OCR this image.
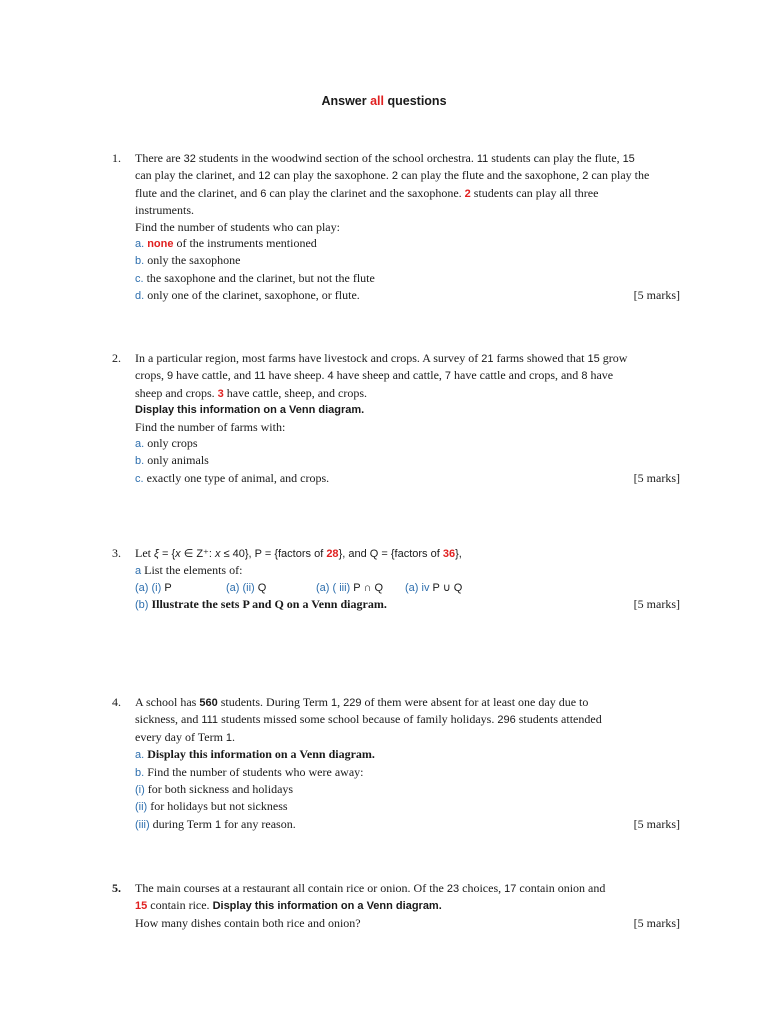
Answer all questions
1. There are 32 students in the woodwind section of the school orchestra. 11 students can play the flute, 15
can play the clarinet, and 12 can play the saxophone. 2 can play the flute and the saxophone, 2 can play the
flute and the clarinet, and 6 can play the clarinet and the saxophone. 2 students can play all three
instruments.
Find the number of students who can play:
a. none of the instruments mentioned
b. only the saxophone
c. the saxophone and the clarinet, but not the flute
d. only one of the clarinet, saxophone, or flute.	[5 marks]
2. In a particular region, most farms have livestock and crops. A survey of 21 farms showed that 15 grow
crops, 9 have cattle, and 11 have sheep. 4 have sheep and cattle, 7 have cattle and crops, and 8 have
sheep and crops. 3 have cattle, sheep, and crops.
Display this information on a Venn diagram.
Find the number of farms with:
a. only crops
b. only animals
c. exactly one type of animal, and crops.	[5 marks]
3. Let ξ = {x ∈ Z⁺: x ≤ 40}, P = {factors of 28}, and Q = {factors of 36},
a List the elements of:
(a) (i) P	(a) (ii) Q	(a) ( iii) P ∩ Q (a) iv P ∪ Q
(b) Illustrate the sets P and Q on a Venn diagram.	[5 marks]
4. A school has 560 students. During Term 1, 229 of them were absent for at least one day due to
sickness, and 111 students missed some school because of family holidays. 296 students attended
every day of Term 1.
a. Display this information on a Venn diagram.
b. Find the number of students who were away:
(i) for both sickness and holidays
(ii) for holidays but not sickness
(iii) during Term 1 for any reason.	[5 marks]
5. The main courses at a restaurant all contain rice or onion. Of the 23 choices, 17 contain onion and
15 contain rice. Display this information on a Venn diagram.
How many dishes contain both rice and onion?	[5 marks]
